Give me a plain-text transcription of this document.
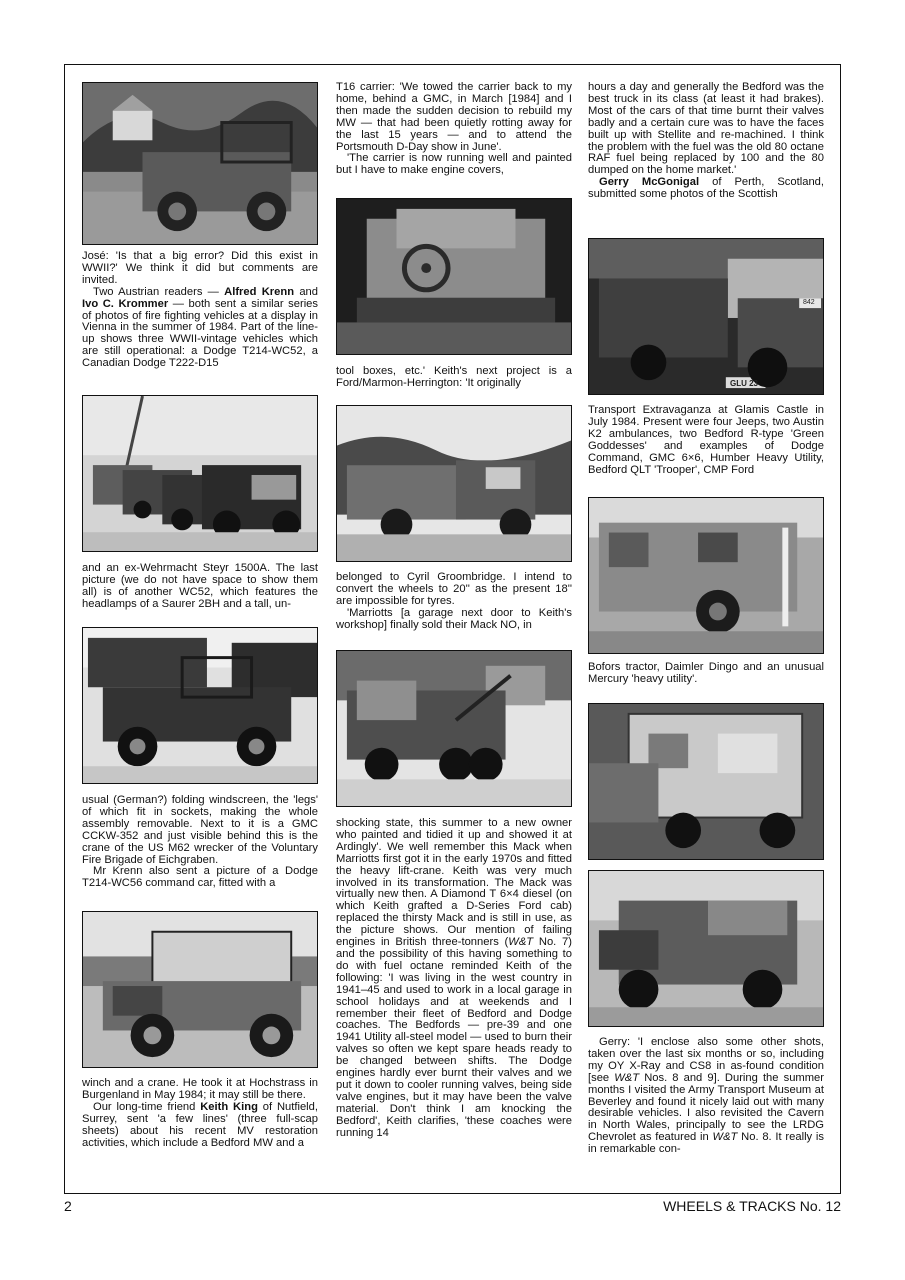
José: 'Is that a big error? Did this exist in WWII?' We think it did but comments are invited.

Two Austrian readers — Alfred Krenn and Ivo C. Krommer — both sent a similar series of photos of fire fighting vehicles at a display in Vienna in the summer of 1984. Part of the line-up shows three WWII-vintage vehicles which are still operational: a Dodge T214-WC52, a Canadian Dodge T222-D15

and an ex-Wehrmacht Steyr 1500A. The last picture (we do not have space to show them all) is of another WC52, which features the headlamps of a Saurer 2BH and a tall, un-

usual (German?) folding windscreen, the 'legs' of which fit in sockets, making the whole assembly removable. Next to it is a GMC CCKW-352 and just visible behind this is the crane of the US M62 wrecker of the Voluntary Fire Brigade of Eichgraben.

Mr Krenn also sent a picture of a Dodge T214-WC56 command car, fitted with a

winch and a crane. He took it at Hochstrass in Burgenland in May 1984; it may still be there.

Our long-time friend Keith King of Nutfield, Surrey, sent 'a few lines' (three full-scap sheets) about his recent MV restoration activities, which include a Bedford MW and a

T16 carrier: 'We towed the carrier back to my home, behind a GMC, in March [1984] and I then made the sudden decision to rebuild my MW — that had been quietly rotting away for the last 15 years — and to attend the Portsmouth D-Day show in June'.

'The carrier is now running well and painted but I have to make engine covers,

tool boxes, etc.' Keith's next project is a Ford/Marmon-Herrington: 'It originally

belonged to Cyril Groombridge. I intend to convert the wheels to 20'' as the present 18'' are impossible for tyres.

'Marriotts [a garage next door to Keith's workshop] finally sold their Mack NO, in

shocking state, this summer to a new owner who painted and tidied it up and showed it at Ardingly'. We well remember this Mack when Marriotts first got it in the early 1970s and fitted the heavy lift-crane. Keith was very much involved in its transformation. The Mack was virtually new then. A Diamond T 6×4 diesel (on which Keith grafted a D-Series Ford cab) replaced the thirsty Mack and is still in use, as the picture shows. Our mention of failing engines in British three-tonners (W&T No. 7) and the possibility of this having something to do with fuel octane reminded Keith of the following: 'I was living in the west country in 1941–45 and used to work in a local garage in school holidays and at weekends and I remember their fleet of Bedford and Dodge coaches. The Bedfords — pre-39 and one 1941 Utility all-steel model — used to burn their valves so often we kept spare heads ready to be changed between shifts. The Dodge engines hardly ever burnt their valves and we put it down to cooler running valves, being side valve engines, but it may have been the valve material. Don't think I am knocking the Bedford', Keith clarifies, 'these coaches were running 14

hours a day and generally the Bedford was the best truck in its class (at least it had brakes). Most of the cars of that time burnt their valves badly and a certain cure was to have the faces built up with Stellite and re-machined. I think the problem with the fuel was the old 80 octane RAF fuel being replaced by 100 and the 80 dumped on the home market.'

Gerry McGonigal of Perth, Scotland, submitted some photos of the Scottish

842
GLU 23

Transport Extravaganza at Glamis Castle in July 1984. Present were four Jeeps, two Austin K2 ambulances, two Bedford R-type 'Green Goddesses' and examples of Dodge Command, GMC 6×6, Humber Heavy Utility, Bedford QLT 'Trooper', CMP Ford

Bofors tractor, Daimler Dingo and an unusual Mercury 'heavy utility'.

Gerry: 'I enclose also some other shots, taken over the last six months or so, including my OY X-Ray and CS8 in as-found condition [see W&T Nos. 8 and 9]. During the summer months I visited the Army Transport Museum at Beverley and found it nicely laid out with many desirable vehicles. I also revisited the Cavern in North Wales, principally to see the LRDG Chevrolet as featured in W&T No. 8. It really is in remarkable con-

2	WHEELS & TRACKS No. 12
